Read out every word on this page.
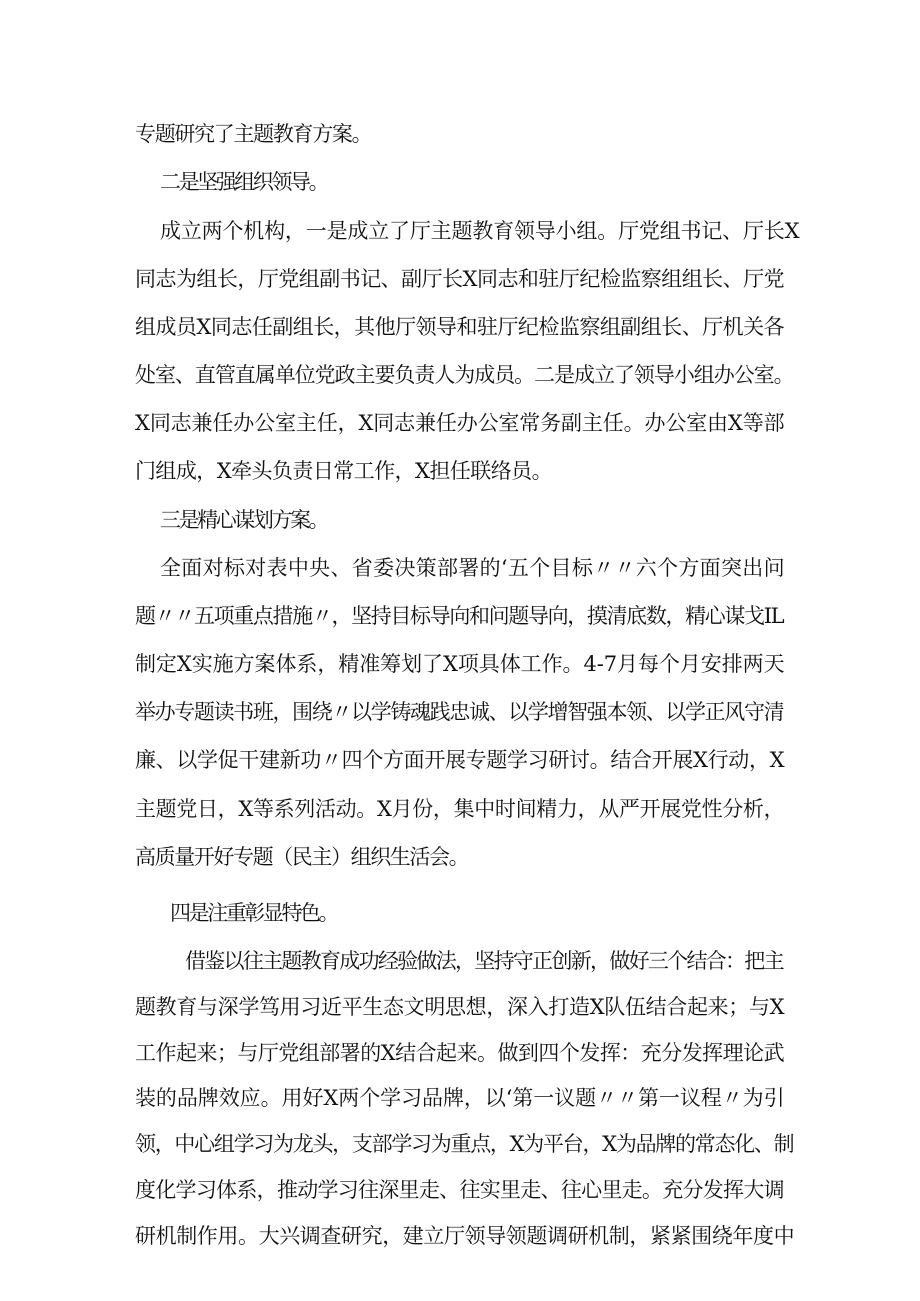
专题研究了主题教育方案。
二是坚强组织领导。
成立两个机构，一是成立了厅主题教育领导小组。厅党组书记、厅长X
同志为组长，厅党组副书记、副厅长X同志和驻厅纪检监察组组长、厅党
组成员X同志任副组长，其他厅领导和驻厅纪检监察组副组长、厅机关各
处室、直管直属单位党政主要负责人为成员。二是成立了领导小组办公室。
X同志兼任办公室主任，X同志兼任办公室常务副主任。办公室由X等部
门组成，X牵头负责日常工作，X担任联络员。
三是精心谋划方案。
全面对标对表中央、省委决策部署的‘五个目标〃〃六个方面突出问
题〃〃五项重点措施〃，坚持目标导向和问题导向，摸清底数，精心谋戈IL
制定X实施方案体系，精准筹划了X项具体工作。4-7月每个月安排两天
举办专题读书班，围绕〃以学铸魂践忠诚、以学增智强本领、以学正风守清
廉、以学促干建新功〃四个方面开展专题学习研讨。结合开展X行动，X
主题党日，X等系列活动。X月份，集中时间精力，从严开展党性分析，
高质量开好专题（民主）组织生活会。
四是注重彰显特色。
借鉴以往主题教育成功经验做法，坚持守正创新，做好三个结合：把主
题教育与深学笃用习近平生态文明思想，深入打造X队伍结合起来；与X
工作起来；与厅党组部署的X结合起来。做到四个发挥：充分发挥理论武
装的品牌效应。用好X两个学习品牌，以‘第一议题〃〃第一议程〃为引
领，中心组学习为龙头，支部学习为重点，X为平台，X为品牌的常态化、制
度化学习体系，推动学习往深里走、往实里走、往心里走。充分发挥大调
研机制作用。大兴调查研究，建立厅领导领题调研机制，紧紧围绕年度中
